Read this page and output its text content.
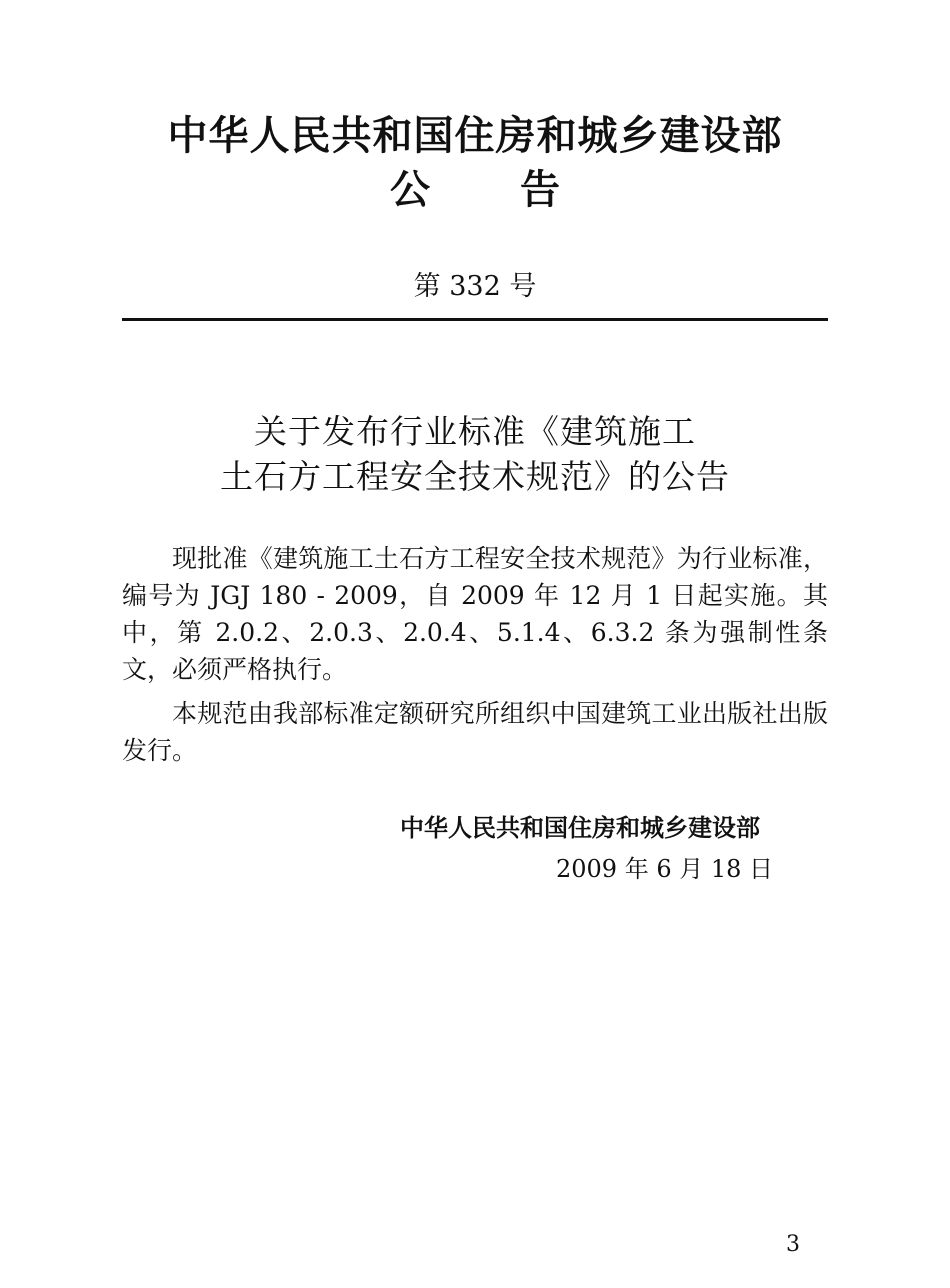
中华人民共和国住房和城乡建设部
公告
第 332 号
关于发布行业标准《建筑施工
土石方工程安全技术规范》的公告

现批准《建筑施工土石方工程安全技术规范》为行业标准，编号为 JGJ 180 - 2009，自 2009 年 12 月 1 日起实施。其中，第 2.0.2、2.0.3、2.0.4、5.1.4、6.3.2 条为强制性条文，必须严格执行。

本规范由我部标准定额研究所组织中国建筑工业出版社出版发行。

中华人民共和国住房和城乡建设部
2009 年 6 月 18 日
3
